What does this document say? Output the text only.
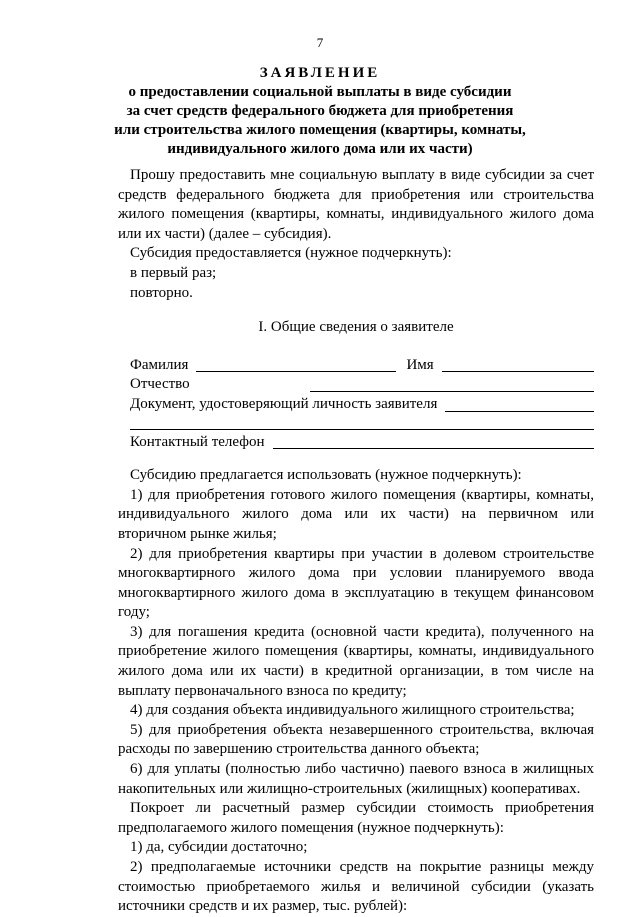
7
ЗАЯВЛЕНИЕ
о предоставлении социальной выплаты в виде субсидии
за счет средств федерального бюджета для приобретения
или строительства жилого помещения (квартиры, комнаты,
индивидуального жилого дома или их части)

Прошу предоставить мне социальную выплату в виде субсидии за счет средств федерального бюджета для приобретения или строительства жилого помещения (квартиры, комнаты, индивидуального жилого дома или их части) (далее – субсидия).

Субсидия предоставляется (нужное подчеркнуть):

в первый раз;

повторно.

I. Общие сведения о заявителе
Фамилия	Имя
Отчество
Документ, удостоверяющий личность заявителя
Контактный телефон

Субсидию предлагается использовать (нужное подчеркнуть):

1) для приобретения готового жилого помещения (квартиры, комнаты, индивидуального жилого дома или их части) на первичном или вторичном рынке жилья;

2) для приобретения квартиры при участии в долевом строительстве многоквартирного жилого дома при условии планируемого ввода многоквартирного жилого дома в эксплуатацию в текущем финансовом году;

3) для погашения кредита (основной части кредита), полученного на приобретение жилого помещения (квартиры, комнаты, индивидуального жилого дома или их части) в кредитной организации, в том числе на выплату первоначального взноса по кредиту;

4) для создания объекта индивидуального жилищного строительства;

5) для приобретения объекта незавершенного строительства, включая расходы по завершению строительства данного объекта;

6) для уплаты (полностью либо частично) паевого взноса в жилищных накопительных или жилищно-строительных (жилищных) кооперативах.

Покроет ли расчетный размер субсидии стоимость приобретения предполагаемого жилого помещения (нужное подчеркнуть):

1) да, субсидии достаточно;

2) предполагаемые источники средств на покрытие разницы между стоимостью приобретаемого жилья и величиной субсидии (указать источники средств и их размер, тыс. рублей):
